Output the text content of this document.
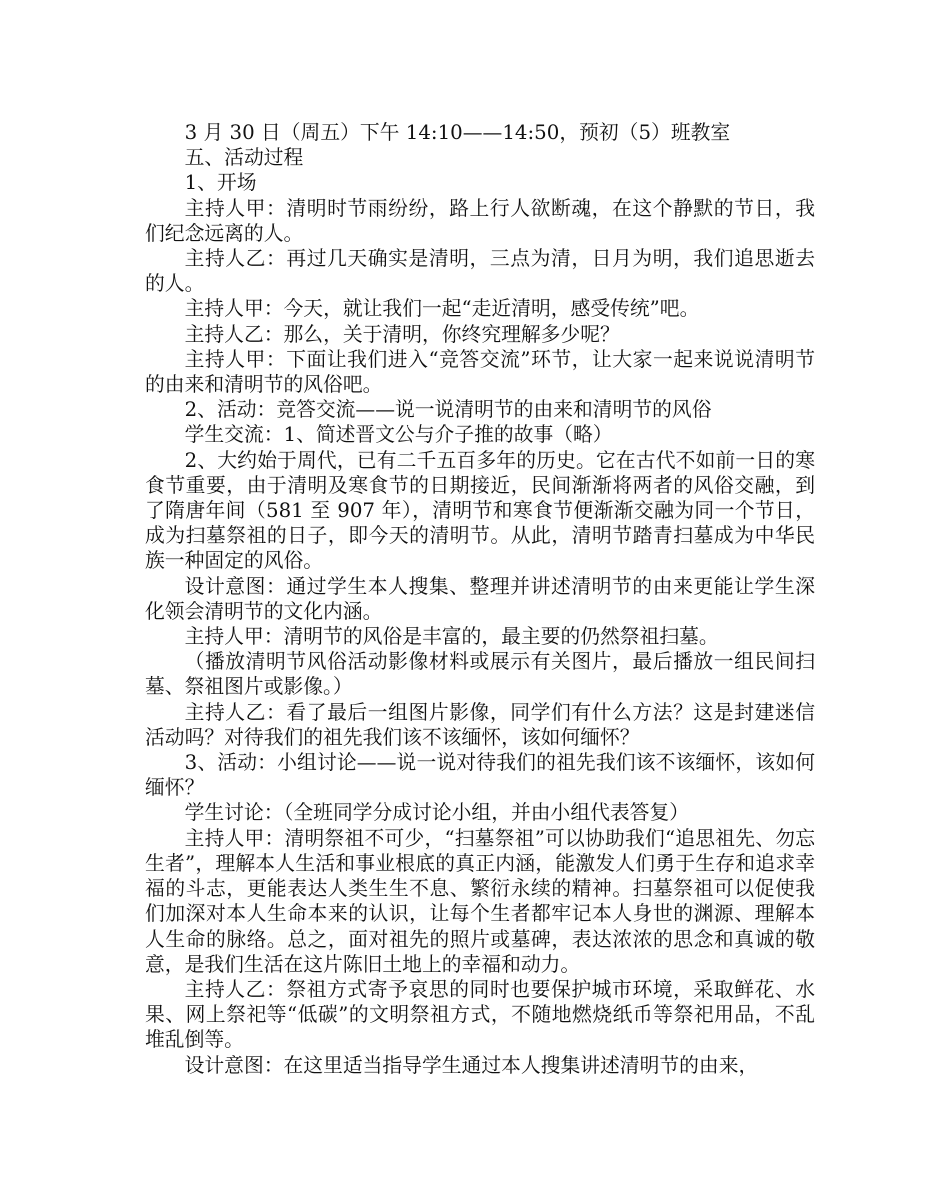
3 月 30 日（周五）下午 14:10——14:50，预初（5）班教室

五、活动过程

1、开场

主持人甲：清明时节雨纷纷，路上行人欲断魂，在这个静默的节日，我们纪念远离的人。

主持人乙：再过几天确实是清明，三点为清，日月为明，我们追思逝去的人。

主持人甲：今天，就让我们一起“走近清明，感受传统”吧。

主持人乙：那么，关于清明，你终究理解多少呢？

主持人甲：下面让我们进入“竞答交流”环节，让大家一起来说说清明节的由来和清明节的风俗吧。

2、活动：竞答交流——说一说清明节的由来和清明节的风俗

学生交流：1、简述晋文公与介子推的故事（略）

2、大约始于周代，已有二千五百多年的历史。它在古代不如前一日的寒食节重要，由于清明及寒食节的日期接近，民间渐渐将两者的风俗交融，到了隋唐年间（581 至 907 年），清明节和寒食节便渐渐交融为同一个节日，成为扫墓祭祖的日子，即今天的清明节。从此，清明节踏青扫墓成为中华民族一种固定的风俗。

设计意图：通过学生本人搜集、整理并讲述清明节的由来更能让学生深化领会清明节的文化内涵。

主持人甲：清明节的风俗是丰富的，最主要的仍然祭祖扫墓。

（播放清明节风俗活动影像材料或展示有关图片，最后播放一组民间扫墓、祭祖图片或影像。）

主持人乙：看了最后一组图片影像，同学们有什么方法？这是封建迷信活动吗？对待我们的祖先我们该不该缅怀，该如何缅怀？

3、活动：小组讨论——说一说对待我们的祖先我们该不该缅怀，该如何缅怀？

学生讨论：（全班同学分成讨论小组，并由小组代表答复）

主持人甲：清明祭祖不可少，“扫墓祭祖”可以协助我们“追思祖先、勿忘生者”，理解本人生活和事业根底的真正内涵，能激发人们勇于生存和追求幸福的斗志，更能表达人类生生不息、繁衍永续的精神。扫墓祭祖可以促使我们加深对本人生命本来的认识，让每个生者都牢记本人身世的渊源、理解本人生命的脉络。总之，面对祖先的照片或墓碑，表达浓浓的思念和真诚的敬意，是我们生活在这片陈旧土地上的幸福和动力。

主持人乙：祭祖方式寄予哀思的同时也要保护城市环境，采取鲜花、水果、网上祭祀等“低碳”的文明祭祖方式，不随地燃烧纸币等祭祀用品，不乱堆乱倒等。

设计意图：在这里适当指导学生通过本人搜集讲述清明节的由来，
